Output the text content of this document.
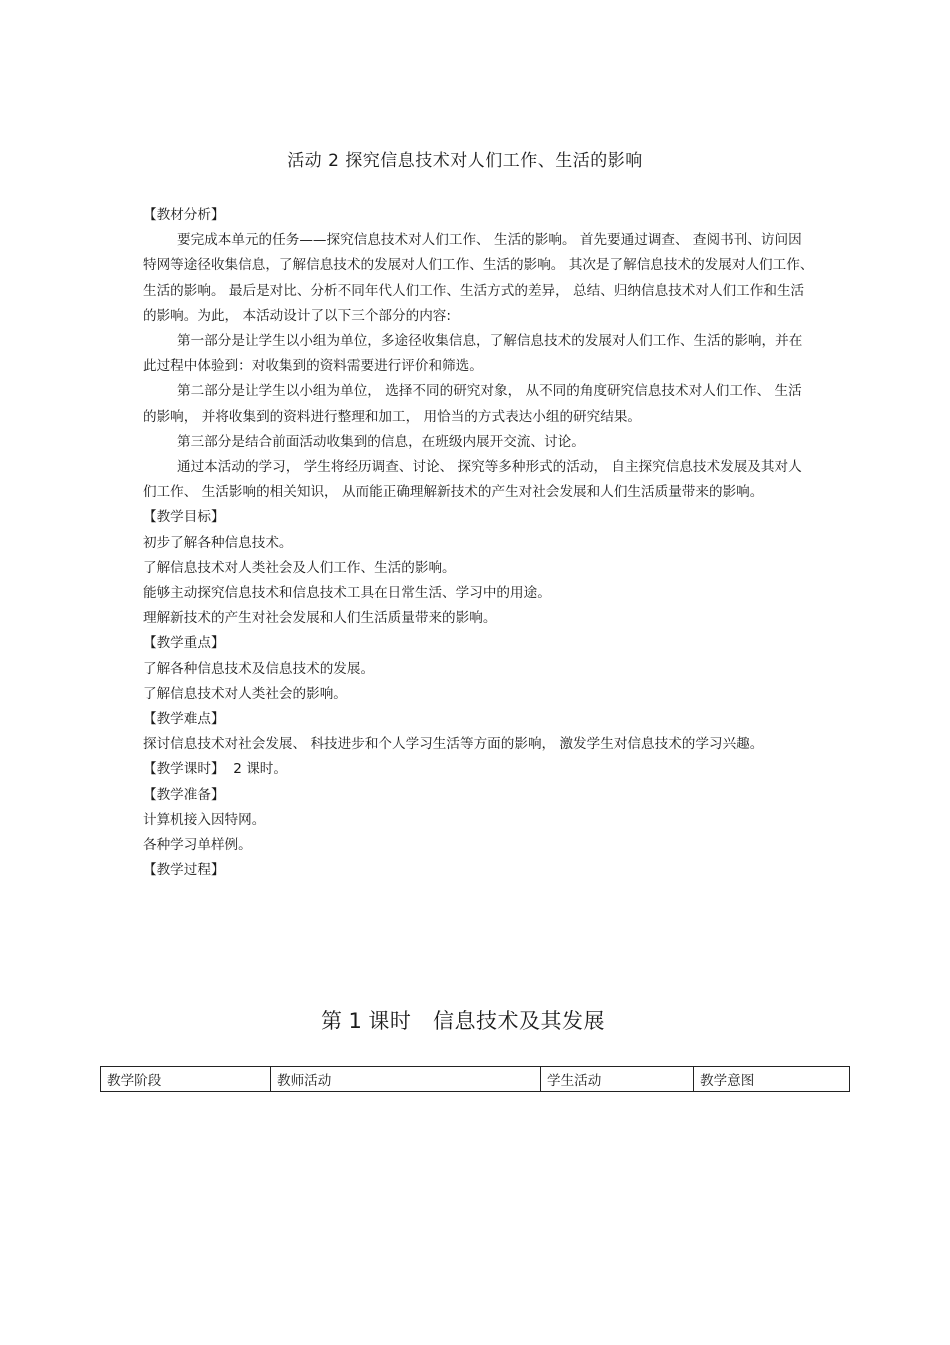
活动 2 探究信息技术对人们工作、生活的影响

【教材分析】

要完成本单元的任务——探究信息技术对人们工作、 生活的影响。 首先要通过调查、 查阅书刊、访问因特网等途径收集信息，了解信息技术的发展对人们工作、生活的影响。 其次是了解信息技术的发展对人们工作、 生活的影响。 最后是对比、分析不同年代人们工作、生活方式的差异， 总结、归纳信息技术对人们工作和生活的影响。为此， 本活动设计了以下三个部分的内容:

第一部分是让学生以小组为单位，多途径收集信息，了解信息技术的发展对人们工作、生活的影响，并在此过程中体验到：对收集到的资料需要进行评价和筛选。

第二部分是让学生以小组为单位， 选择不同的研究对象， 从不同的角度研究信息技术对人们工作、 生活的影响， 并将收集到的资料进行整理和加工， 用恰当的方式表达小组的研究结果。

第三部分是结合前面活动收集到的信息，在班级内展开交流、讨论。

通过本活动的学习， 学生将经历调查、讨论、 探究等多种形式的活动， 自主探究信息技术发展及其对人们工作、 生活影响的相关知识， 从而能正确理解新技术的产生对社会发展和人们生活质量带来的影响。

【教学目标】

初步了解各种信息技术。

了解信息技术对人类社会及人们工作、生活的影响。

能够主动探究信息技术和信息技术工具在日常生活、学习中的用途。

理解新技术的产生对社会发展和人们生活质量带来的影响。

【教学重点】

了解各种信息技术及信息技术的发展。

了解信息技术对人类社会的影响。

【教学难点】

探讨信息技术对社会发展、 科技进步和个人学习生活等方面的影响， 激发学生对信息技术的学习兴趣。

【教学课时】 2 课时。

【教学准备】

计算机接入因特网。

各种学习单样例。

【教学过程】

第 1 课时 信息技术及其发展
教学阶段	教师活动	学生活动	教学意图
